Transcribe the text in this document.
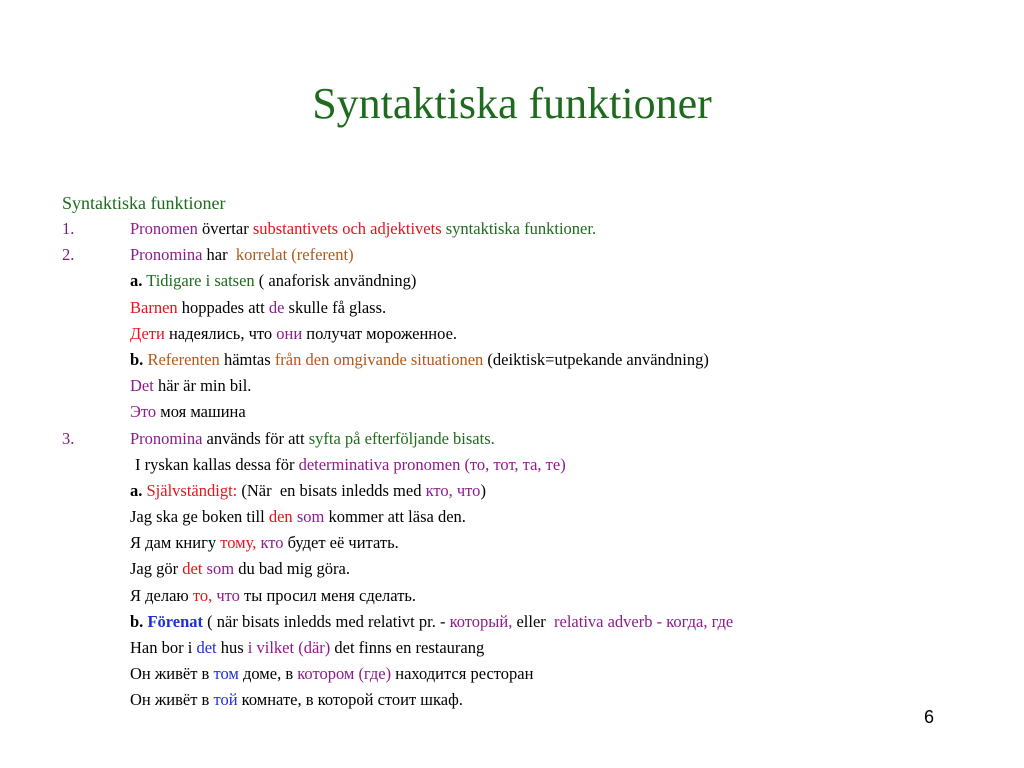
Syntaktiska funktioner
Syntaktiska funktioner
1.	Pronomen övertar substantivets och adjektivets syntaktiska funktioner.
2.	Pronomina har  korrelat (referent)
a. Tidigare i satsen ( anaforisk användning)
Barnen hoppades att de skulle få glass.
Дети надеялись, что они получат мороженное.
b. Referenten hämtas från den omgivande situationen (deiktisk=utpekande användning)
Det här är min bil.
Это моя машина
3.	Pronomina används för att syfta på efterföljande bisats.
I ryskan kallas dessa för determinativa pronomen (то, тот, та, те)
a. Självständigt: (När  en bisats inledds med кто, что)
Jag ska ge boken till den som kommer att läsa den.
Я дам книгу тому, кто будет её читать.
Jag gör det som du bad mig göra.
Я делаю то, что ты просил меня сделать.
b. Förenat ( när bisats inledds med relativt pr. - который, eller  relativa adverb - когда, где
Han bor i det hus i vilket (där) det finns en restaurang
Он живёт в том доме, в котором (где) находится ресторан
Он живёт в той комнате, в которой стоит шкаф.
6
